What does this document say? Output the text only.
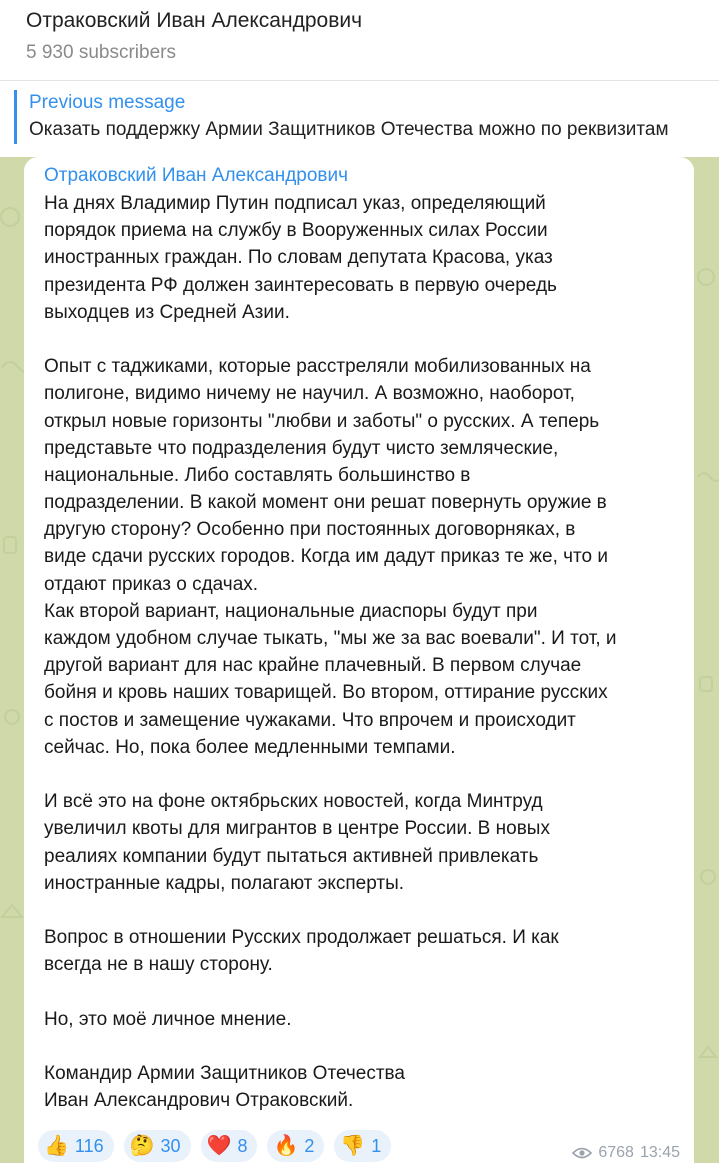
Отраковский Иван Александрович
5 930 subscribers
Previous message
Оказать поддержку Армии Защитников Отечества можно по реквизитам
Отраковский Иван Александрович
На днях Владимир Путин подписал указ, определяющий
порядок приема на службу в Вооруженных силах России
иностранных граждан. По словам депутата Красова, указ
президента РФ должен заинтересовать в первую очередь
выходцев из Средней Азии.
Опыт с таджиками, которые расстреляли мобилизованных на
полигоне, видимо ничему не научил. А возможно, наоборот,
открыл новые горизонты "любви и заботы" о русских. А теперь
представьте что подразделения будут чисто земляческие,
национальные. Либо составлять большинство в
подразделении. В какой момент они решат повернуть оружие в
другую сторону? Особенно при постоянных договорняках, в
виде сдачи русских городов. Когда им дадут приказ те же, что и
отдают приказ о сдачах.
Как второй вариант, национальные диаспоры будут при
каждом удобном случае тыкать, "мы же за вас воевали". И тот, и
другой вариант для нас крайне плачевный. В первом случае
бойня и кровь наших товарищей. Во втором, оттирание русских
с постов и замещение чужаками. Что впрочем и происходит
сейчас. Но, пока более медленными темпами.
И всё это на фоне октябрьских новостей, когда Минтруд
увеличил квоты для мигрантов в центре России. В новых
реалиях компании будут пытаться активней привлекать
иностранные кадры, полагают эксперты.
Вопрос в отношении Русских продолжает решаться. И как
всегда не в нашу сторону.
Но, это моё личное мнение.
Командир Армии Защитников Отечества
Иван Александрович Отраковский.
👍 116 🤔 30 ❤️ 8 🔥 2 👎 1	6768 13:45
